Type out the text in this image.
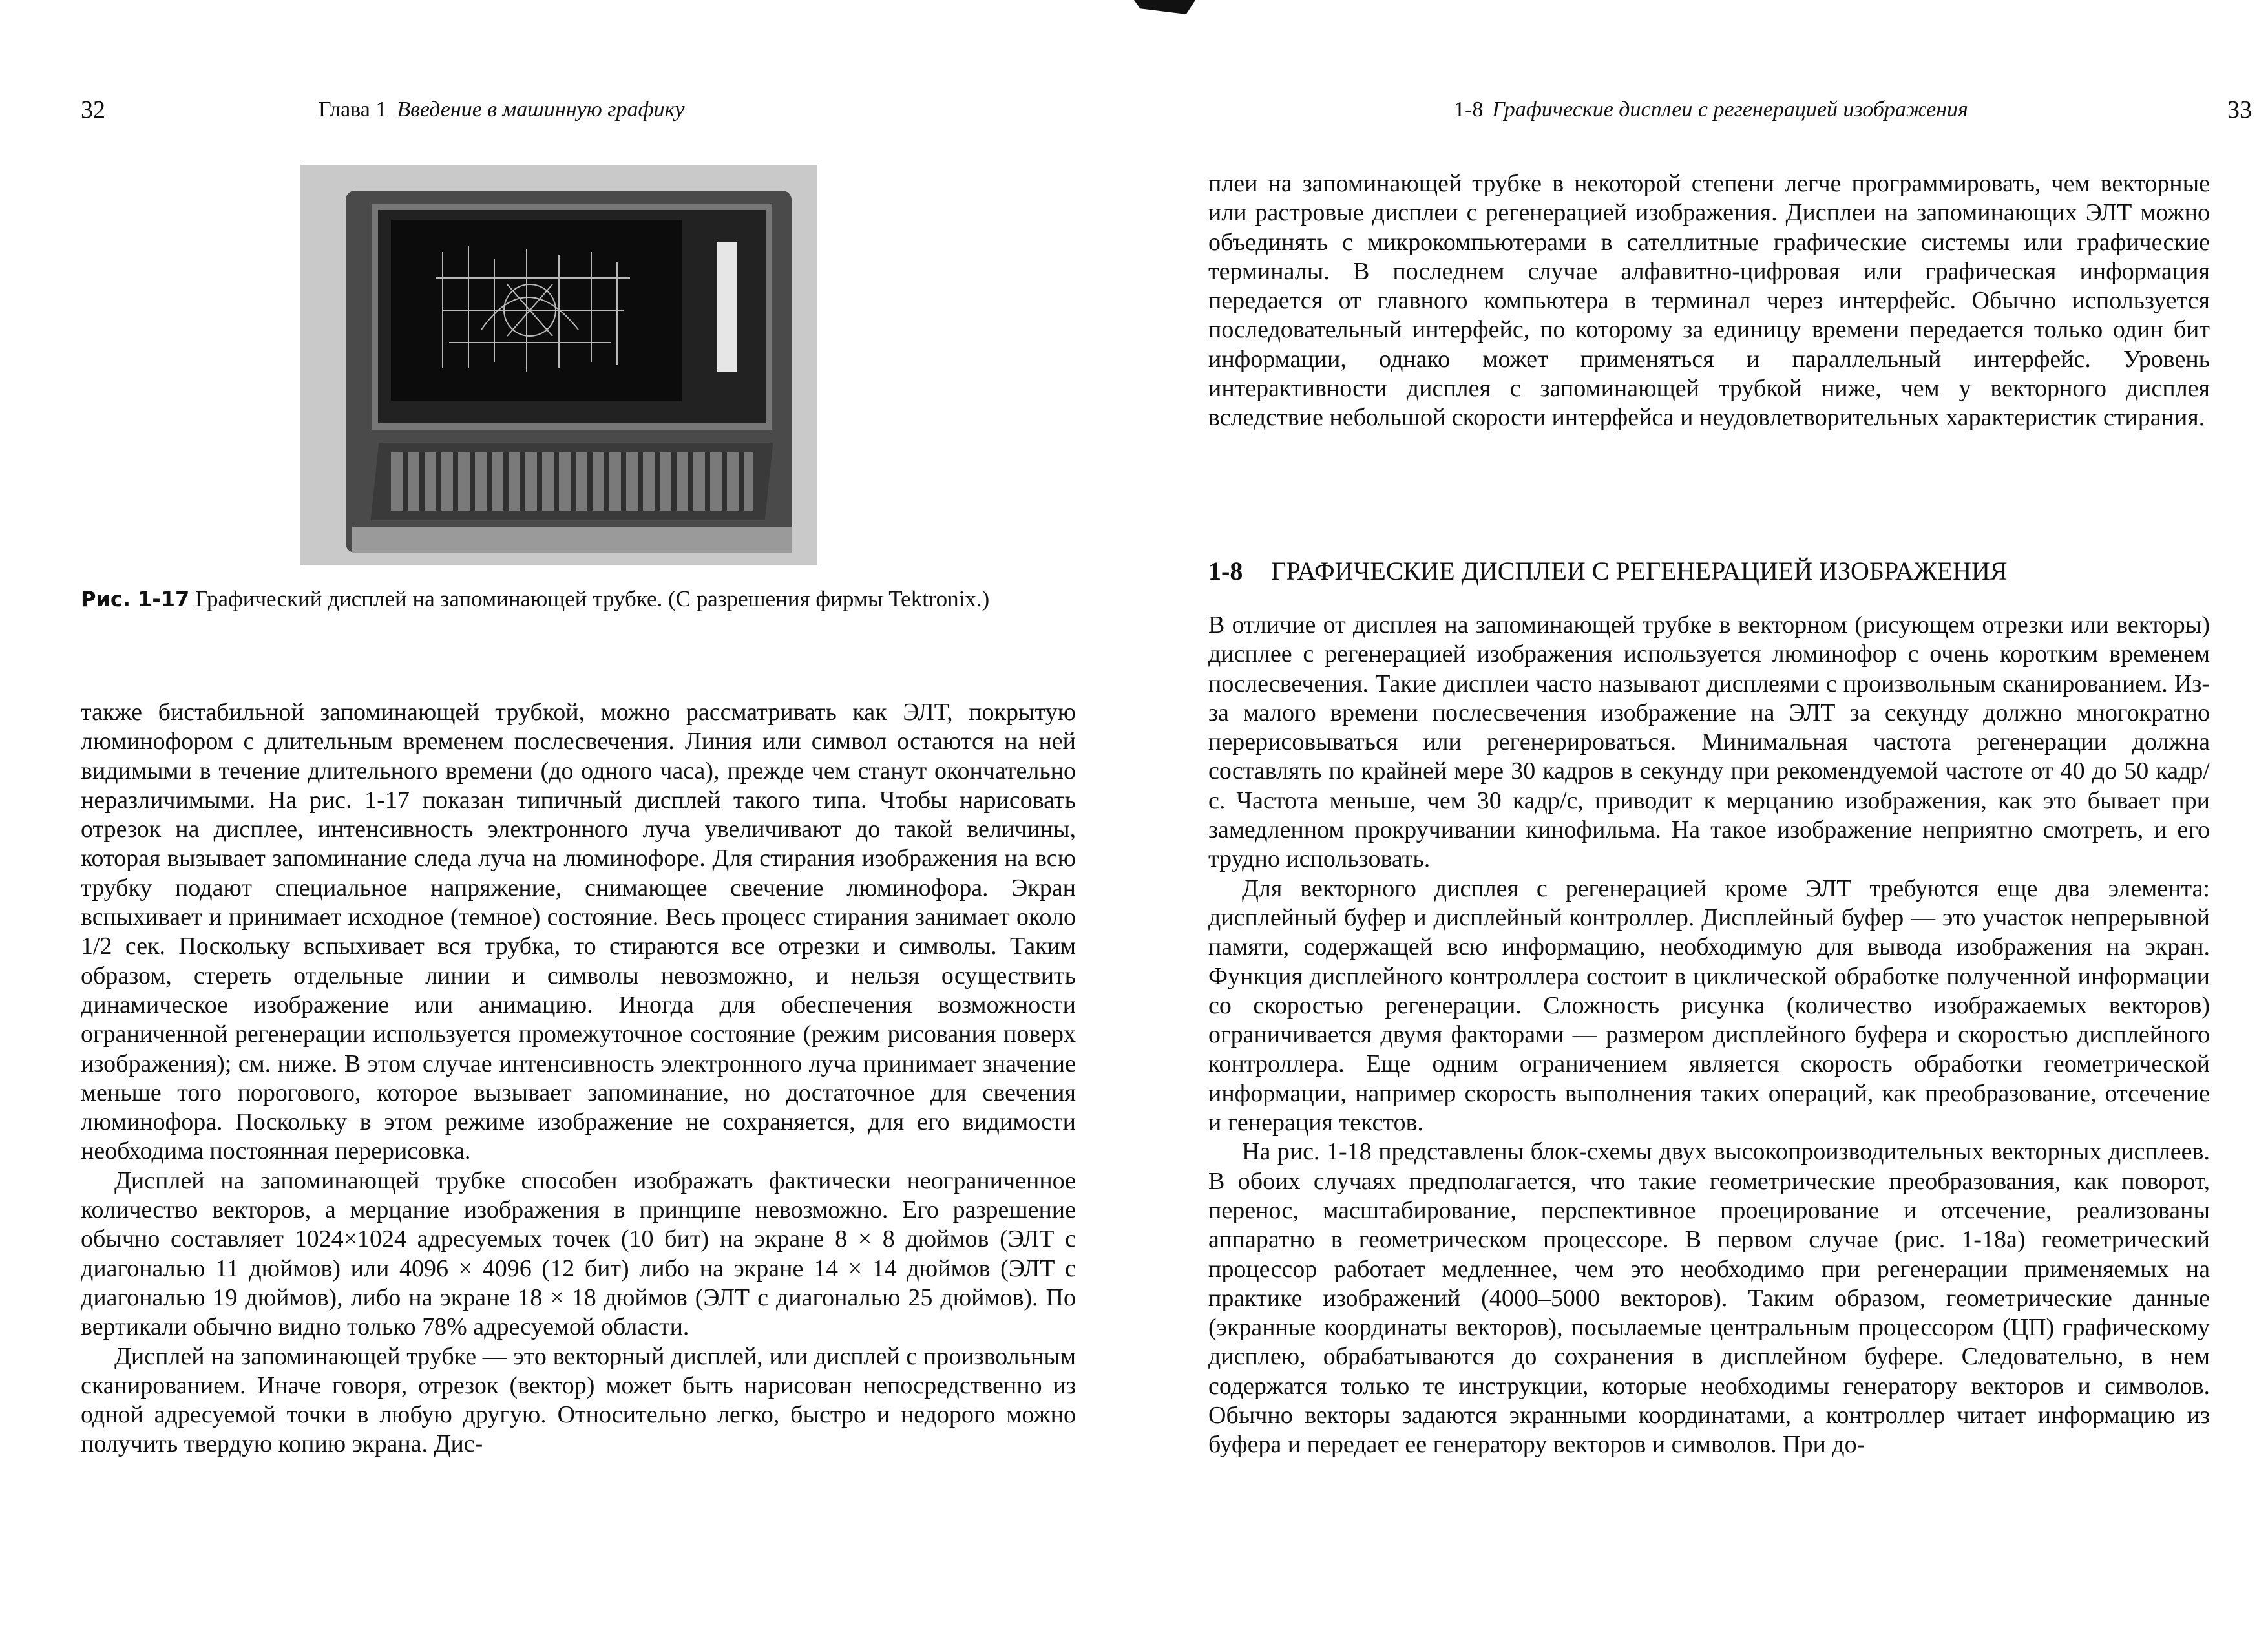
32	Глава 1 Введение в машинную графику
Рис. 1-17 Графический дисплей на запоминающей трубке. (С разрешения фирмы Tektronix.)

также бистабильной запоминающей трубкой, можно рассматривать как ЭЛТ, покрытую люминофором с длительным временем послесвечения. Линия или символ остаются на ней видимыми в течение длительного времени (до одного часа), прежде чем станут окончательно неразличимыми. На рис. 1-17 показан типичный дисплей такого типа. Чтобы нарисовать отрезок на дисплее, интенсивность электронного луча увеличивают до такой величины, которая вызывает запоминание следа луча на люминофоре. Для стирания изображения на всю трубку подают специальное напряжение, снимающее свечение люминофора. Экран вспыхивает и принимает исходное (темное) состояние. Весь процесс стирания занимает около 1/2 сек. Поскольку вспыхивает вся трубка, то стираются все отрезки и символы. Таким образом, стереть отдельные линии и символы невозможно, и нельзя осуществить динамическое изображение или анимацию. Иногда для обеспечения возможности ограниченной регенерации используется промежуточное состояние (режим рисования поверх изображения); см. ниже. В этом случае интенсивность электронного луча принимает значение меньше того порогового, которое вызывает запоминание, но достаточное для свечения люминофора. Поскольку в этом режиме изображение не сохраняется, для его видимости необходима постоянная перерисовка.

Дисплей на запоминающей трубке способен изображать фактически неограниченное количество векторов, а мерцание изображения в принципе невозможно. Его разрешение обычно составляет 1024×1024 адресуемых точек (10 бит) на экране 8 × 8 дюймов (ЭЛТ с диагональю 11 дюймов) или 4096 × 4096 (12 бит) либо на экране 14 × 14 дюймов (ЭЛТ с диагональю 19 дюймов), либо на экране 18 × 18 дюймов (ЭЛТ с диагональю 25 дюймов). По вертикали обычно видно только 78% адресуемой области.

Дисплей на запоминающей трубке — это векторный дисплей, или дисплей с произвольным сканированием. Иначе говоря, отрезок (вектор) может быть нарисован непосредственно из одной адресуемой точки в любую другую. Относительно легко, быстро и недорого можно получить твердую копию экрана. Дис-

1-8 Графические дисплеи с регенерацией изображения	33

плеи на запоминающей трубке в некоторой степени легче программировать, чем векторные или растровые дисплеи с регенерацией изображения. Дисплеи на запоминающих ЭЛТ можно объединять с микрокомпьютерами в сателлитные графические системы или графические терминалы. В последнем случае алфавитно-цифровая или графическая информация передается от главного компьютера в терминал через интерфейс. Обычно используется последовательный интерфейс, по которому за единицу времени передается только один бит информации, однако может применяться и параллельный интерфейс. Уровень интерактивности дисплея с запоминающей трубкой ниже, чем у векторного дисплея вследствие небольшой скорости интерфейса и неудовлетворительных характеристик стирания.

1-8 ГРАФИЧЕСКИЕ ДИСПЛЕИ С РЕГЕНЕРАЦИЕЙ ИЗОБРАЖЕНИЯ

В отличие от дисплея на запоминающей трубке в векторном (рисующем отрезки или векторы) дисплее с регенерацией изображения используется люминофор с очень коротким временем послесвечения. Такие дисплеи часто называют дисплеями с произвольным сканированием. Из-за малого времени послесвечения изображение на ЭЛТ за секунду должно многократно перерисовываться или регенерироваться. Минимальная частота регенерации должна составлять по крайней мере 30 кадров в секунду при рекомендуемой частоте от 40 до 50 кадр/с. Частота меньше, чем 30 кадр/с, приводит к мерцанию изображения, как это бывает при замедленном прокручивании кинофильма. На такое изображение неприятно смотреть, и его трудно использовать.

Для векторного дисплея с регенерацией кроме ЭЛТ требуются еще два элемента: дисплейный буфер и дисплейный контроллер. Дисплейный буфер — это участок непрерывной памяти, содержащей всю информацию, необходимую для вывода изображения на экран. Функция дисплейного контроллера состоит в циклической обработке полученной информации со скоростью регенерации. Сложность рисунка (количество изображаемых векторов) ограничивается двумя факторами — размером дисплейного буфера и скоростью дисплейного контроллера. Еще одним ограничением является скорость обработки геометрической информации, например скорость выполнения таких операций, как преобразование, отсечение и генерация текстов.

На рис. 1-18 представлены блок-схемы двух высокопроизводительных векторных дисплеев. В обоих случаях предполагается, что такие геометрические преобразования, как поворот, перенос, масштабирование, перспективное проецирование и отсечение, реализованы аппаратно в геометрическом процессоре. В первом случае (рис. 1-18a) геометрический процессор работает медленнее, чем это необходимо при регенерации применяемых на практике изображений (4000–5000 векторов). Таким образом, геометрические данные (экранные координаты векторов), посылаемые центральным процессором (ЦП) графическому дисплею, обрабатываются до сохранения в дисплейном буфере. Следовательно, в нем содержатся только те инструкции, которые необходимы генератору векторов и символов. Обычно векторы задаются экранными координатами, а контроллер читает информацию из буфера и передает ее генератору векторов и символов. При до-
